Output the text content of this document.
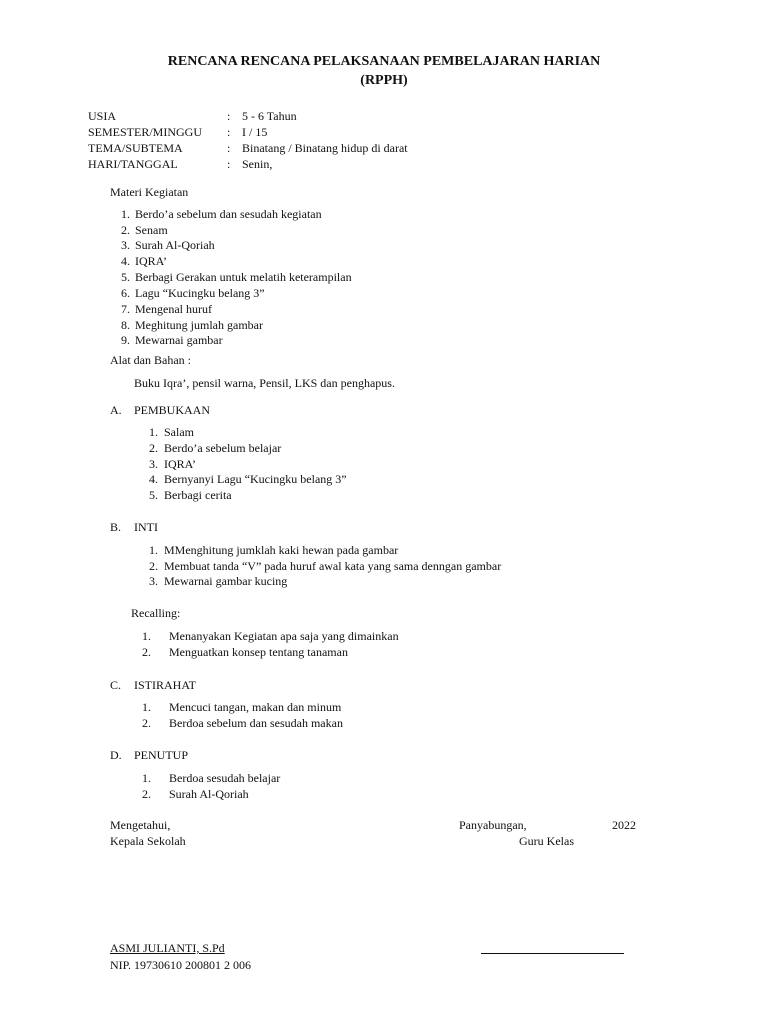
RENCANA RENCANA PELAKSANAAN PEMBELAJARAN HARIAN
(RPPH)
USIA	: 5 - 6 Tahun
SEMESTER/MINGGU : I / 15
TEMA/SUBTEMA	: Binatang / Binatang hidup di darat
HARI/TANGGAL	: Senin,
Materi Kegiatan
1. Berdo’a sebelum dan sesudah kegiatan
2. Senam
3. Surah Al-Qoriah
4. IQRA’
5. Berbagi Gerakan untuk melatih keterampilan
6. Lagu “Kucingku belang 3”
7. Mengenal huruf
8. Meghitung jumlah gambar
9. Mewarnai gambar
Alat dan Bahan :
Buku Iqra’, pensil warna, Pensil, LKS dan penghapus.
A. PEMBUKAAN
1. Salam
2. Berdo’a sebelum belajar
3. IQRA’
4. Bernyanyi Lagu “Kucingku belang 3”
5. Berbagi cerita
B. INTI
1. MMenghitung jumklah kaki hewan pada gambar
2. Membuat tanda “V” pada huruf awal kata yang sama denngan gambar
3. Mewarnai gambar kucing
Recalling:
1. Menanyakan Kegiatan apa saja yang dimainkan
2. Menguatkan konsep tentang tanaman
C. ISTIRAHAT
1. Mencuci tangan, makan dan minum
2. Berdoa sebelum dan sesudah makan
D. PENUTUP
1. Berdoa sesudah belajar
2. Surah Al-Qoriah
Mengetahui,
Kepala Sekolah
Panyabungan,	2022
Guru Kelas
ASMI JULIANTI, S.Pd
NIP. 19730610 200801 2 006
